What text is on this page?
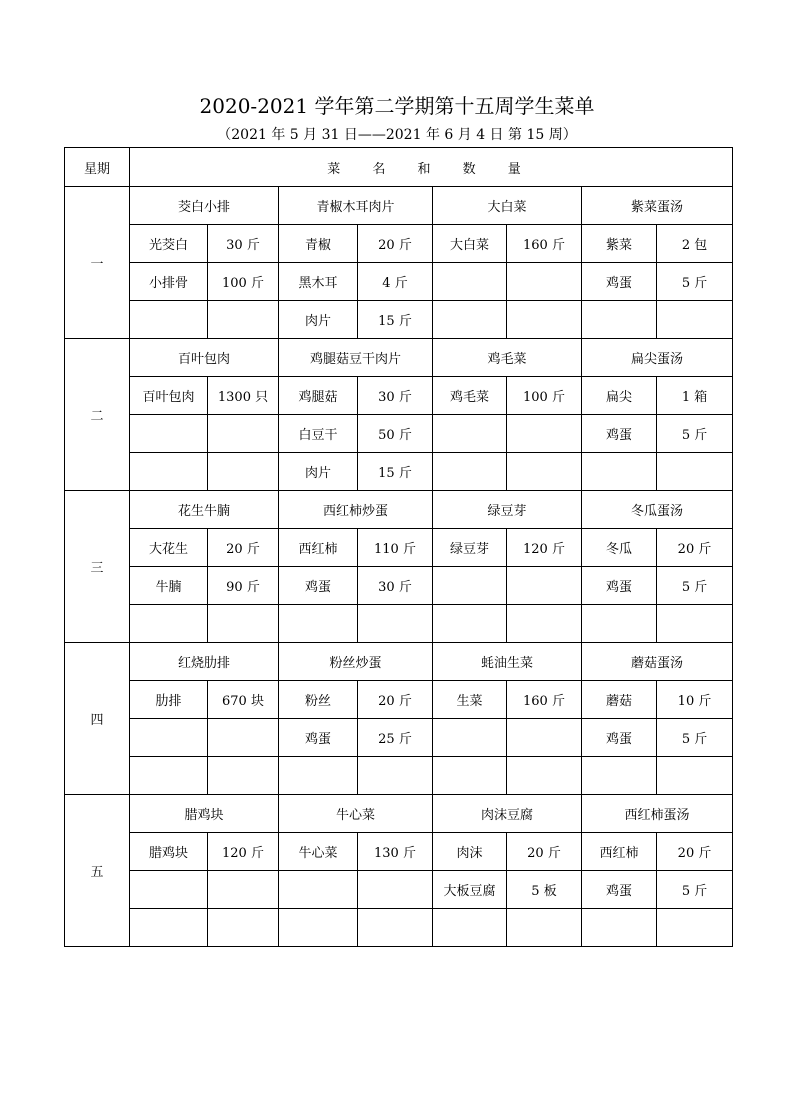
2020-2021 学年第二学期第十五周学生菜单
（2021 年 5 月 31 日——2021 年 6 月 4 日 第 15 周）
星期	菜 名 和 数 量							
一	茭白小排		青椒木耳肉片		大白菜		紫菜蛋汤	
	光茭白	30 斤	青椒	20 斤	大白菜	160 斤	紫菜	2 包
	小排骨	100 斤	黑木耳	4 斤			鸡蛋	5 斤
			肉片	15 斤				
二	百叶包肉		鸡腿菇豆干肉片		鸡毛菜		扁尖蛋汤	
	百叶包肉	1300 只	鸡腿菇	30 斤	鸡毛菜	100 斤	扁尖	1 箱
			白豆干	50 斤			鸡蛋	5 斤
			肉片	15 斤				
三	花生牛腩		西红柿炒蛋		绿豆芽		冬瓜蛋汤	
	大花生	20 斤	西红柿	110 斤	绿豆芽	120 斤	冬瓜	20 斤
	牛腩	90 斤	鸡蛋	30 斤			鸡蛋	5 斤

四	红烧肋排		粉丝炒蛋		蚝油生菜		蘑菇蛋汤	
	肋排	670 块	粉丝	20 斤	生菜	160 斤	蘑菇	10 斤
			鸡蛋	25 斤			鸡蛋	5 斤

五	腊鸡块		牛心菜		肉沫豆腐		西红柿蛋汤	
	腊鸡块	120 斤	牛心菜	130 斤	肉沫	20 斤	西红柿	20 斤
					大板豆腐	5 板	鸡蛋	5 斤
